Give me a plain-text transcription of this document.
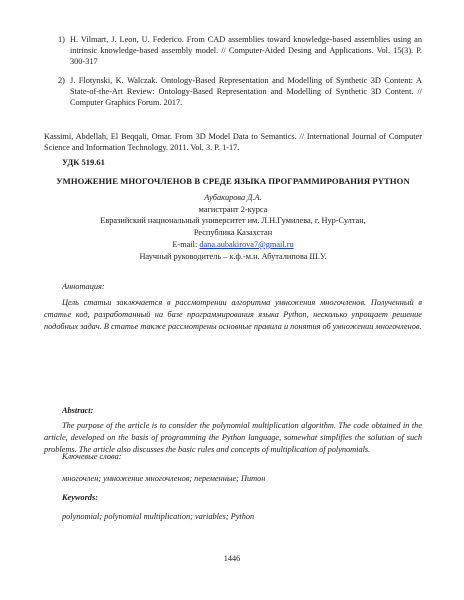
1) H. Vilmart, J. Leon, U. Federico. From CAD assemblies toward knowledge-based assemblies using an intrinsic knowledge-based assembly model. // Computer-Aided Desing and Applications. Vol. 15(3). P. 300-317
2) J. Flotynski, K. Walczak. Ontology-Based Representation and Modelling of Synthetic 3D Content: A State-of-the-Art Review: Ontology-Based Representation and Modelling of Synthetic 3D Content. // Computer Graphics Forum. 2017.
Kassimi, Abdellah, El Beqqali, Omar. From 3D Model Data to Semantics. // International Journal of Computer Science and Information Technology. 2011. Vol. 3. P. 1-17.
УДК 519.61
УМНОЖЕНИЕ МНОГОЧЛЕНОВ В СРЕДЕ ЯЗЫКА ПРОГРАММИРОВАНИЯ PYTHON
Аубакирова Д.А.
магистрант 2-курса
Евразийский национальный университет им. Л.Н.Гумилева, г. Нур-Султан,
Республика Казахстан
E-mail: dana.aubakirova7@gmail.ru
Научный руководитель – к.ф.-м.н. Абуталипова Ш.У.
Аннотация:
Цель статьи заключается в рассмотрении алгоритма умножения многочленов. Полученный в статье код, разработанный на базе программирования языка Python, несколько упрощает решение подобных задач. В статье также рассмотрены основные правила и понятия об умножении многочленов.
Abstract:
The purpose of the article is to consider the polynomial multiplication algorithm. The code obtained in the article, developed on the basis of programming the Python language, somewhat simplifies the solution of such problems. The article also discusses the basic rules and concepts of multiplication of polynomials.
Ключевые слова:
многочлен; умножение многочленов; переменные; Питон
Keywords:
polynomial; polynomial multiplication; variables; Python
1446
